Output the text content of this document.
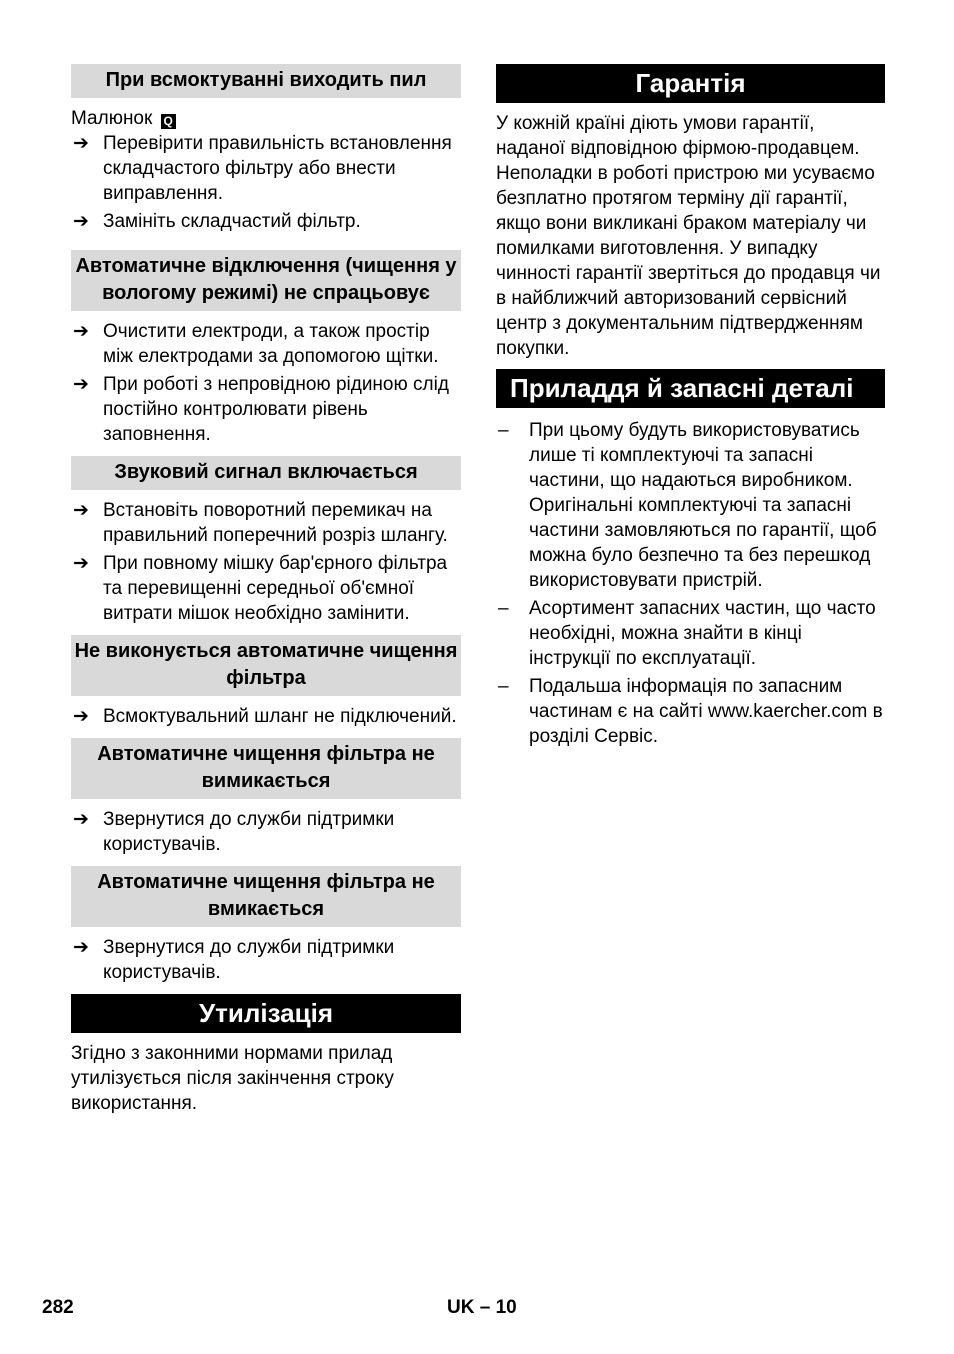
При всмоктуванні виходить пил

Малюнок Q

➔ Перевірити правильність встановлення складчастого фільтру або внести виправлення.
➔ Замініть складчастий фільтр.
Автоматичне відключення (чищення у вологому режимі) не спрацьовує
➔ Очистити електроди, а також простір між електродами за допомогою щітки.
➔ При роботі з непровідною рідиною слід постійно контролювати рівень заповнення.
Звуковий сигнал включається
➔ Встановіть поворотний перемикач на правильний поперечний розріз шлангу.
➔ При повному мішку бар'єрного фільтра та перевищенні середньої об'ємної витрати мішок необхідно замінити.
Не виконується автоматичне чищення фільтра
➔ Всмоктувальний шланг не підключений.
Автоматичне чищення фільтра не вимикається
➔ Звернутися до служби підтримки користувачів.
Автоматичне чищення фільтра не вмикається
➔ Звернутися до служби підтримки користувачів.
Утилізація

Згідно з законними нормами прилад утилізується після закінчення строку використання.

Гарантія

У кожній країні діють умови гарантії, наданої відповідною фірмою-продавцем. Неполадки в роботі пристрою ми усуваємо безплатно протягом терміну дії гарантії, якщо вони викликані браком матеріалу чи помилками виготовлення. У випадку чинності гарантії звертіться до продавця чи в найближчий авторизований сервісний центр з документальним підтвердженням покупки.

Приладдя й запасні деталі
– При цьому будуть використовуватись лише ті комплектуючі та запасні частини, що надаються виробником. Оригінальні комплектуючі та запасні частини замовляються по гарантії, щоб можна було безпечно та без перешкод використовувати пристрій.
– Асортимент запасних частин, що часто необхідні, можна знайти в кінці інструкції по експлуатації.
– Подальша інформація по запасним частинам є на сайті www.kaercher.com в розділі Сервіс.
282	UK – 10
